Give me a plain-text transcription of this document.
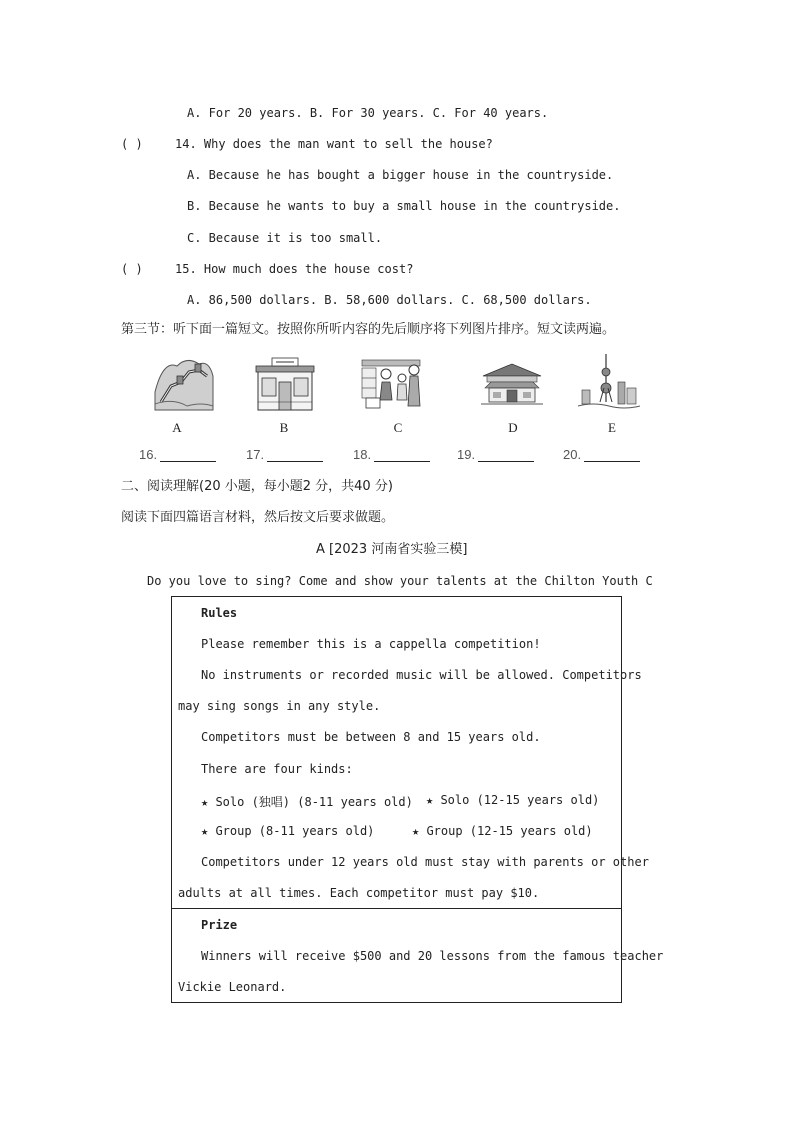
A. For 20 years. B. For 30 years. C. For 40 years.
( )	14. Why does the man want to sell the house?
A. Because he has bought a bigger house in the countryside.
B. Because he wants to buy a small house in the countryside.
C. Because it is too small.
( )	15. How much does the house cost?
A. 86,500 dollars. B. 58,600 dollars. C. 68,500 dollars.
第三节：听下面一篇短文。按照你所听内容的先后顺序将下列图片排序。短文读两遍。
A	B	C	D	E
16.	17.	18.	19.	20.
二、阅读理解(20 小题，每小题2 分，共40 分)
阅读下面四篇语言材料，然后按文后要求做题。
A [2023 河南省实验三模]
Do you love to sing? Come and show your talents at the Chilton Youth C
Rules
Please remember this is a cappella competition!
No instruments or recorded music will be allowed. Competitors
may sing songs in any style.
Competitors must be between 8 and 15 years old.
There are four kinds:
★ Solo (独唱) (8-11 years old) ★ Solo (12-15 years old)
★ Group (8-11 years old)	★ Group (12-15 years old)
Competitors under 12 years old must stay with parents or other
adults at all times. Each competitor must pay $10.
Prize
Winners will receive $500 and 20 lessons from the famous teacher
Vickie Leonard.
